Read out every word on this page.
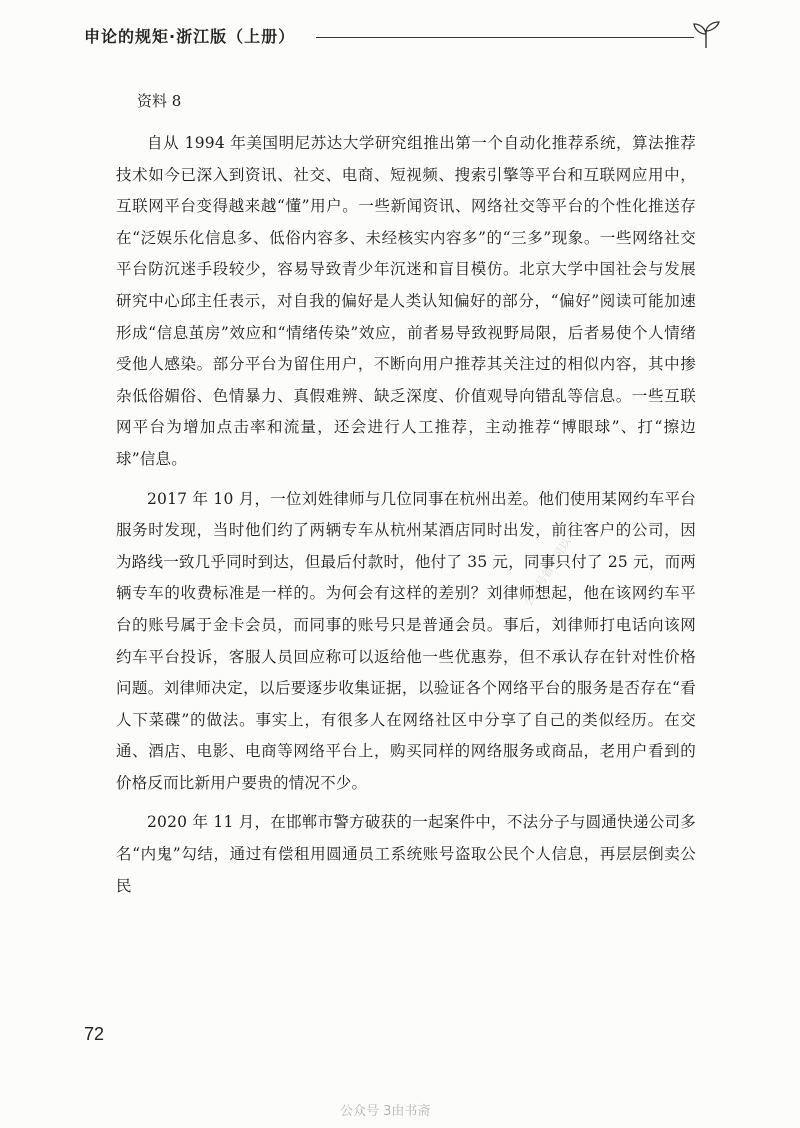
申论的规矩·浙江版（上册）
资料 8

自从 1994 年美国明尼苏达大学研究组推出第一个自动化推荐系统，算法推荐技术如今已深入到资讯、社交、电商、短视频、搜索引擎等平台和互联网应用中，互联网平台变得越来越“懂”用户。一些新闻资讯、网络社交等平台的个性化推送存在“泛娱乐化信息多、低俗内容多、未经核实内容多”的“三多”现象。一些网络社交平台防沉迷手段较少，容易导致青少年沉迷和盲目模仿。北京大学中国社会与发展研究中心邱主任表示，对自我的偏好是人类认知偏好的部分，“偏好”阅读可能加速形成“信息茧房”效应和“情绪传染”效应，前者易导致视野局限，后者易使个人情绪受他人感染。部分平台为留住用户，不断向用户推荐其关注过的相似内容，其中掺杂低俗媚俗、色情暴力、真假难辨、缺乏深度、价值观导向错乱等信息。一些互联网平台为增加点击率和流量，还会进行人工推荐，主动推荐“博眼球”、打“擦边球”信息。

2017 年 10 月，一位刘姓律师与几位同事在杭州出差。他们使用某网约车平台服务时发现，当时他们约了两辆专车从杭州某酒店同时出发，前往客户的公司，因为路线一致几乎同时到达，但最后付款时，他付了 35 元，同事只付了 25 元，而两辆专车的收费标准是一样的。为何会有这样的差别？刘律师想起，他在该网约车平台的账号属于金卡会员，而同事的账号只是普通会员。事后，刘律师打电话向该网约车平台投诉，客服人员回应称可以返给他一些优惠券，但不承认存在针对性价格问题。刘律师决定，以后要逐步收集证据，以验证各个网络平台的服务是否存在“看人下菜碟”的做法。事实上，有很多人在网络社区中分享了自己的类似经历。在交通、酒店、电影、电商等网络平台上，购买同样的网络服务或商品，老用户看到的价格反而比新用户要贵的情况不少。

2020 年 11 月，在邯郸市警方破获的一起案件中，不法分子与圆通快递公司多名“内鬼”勾结，通过有偿租用圆通员工系统账号盗取公民个人信息，再层层倒卖公民

公众号备考可以
72
公众号 3由书斋
